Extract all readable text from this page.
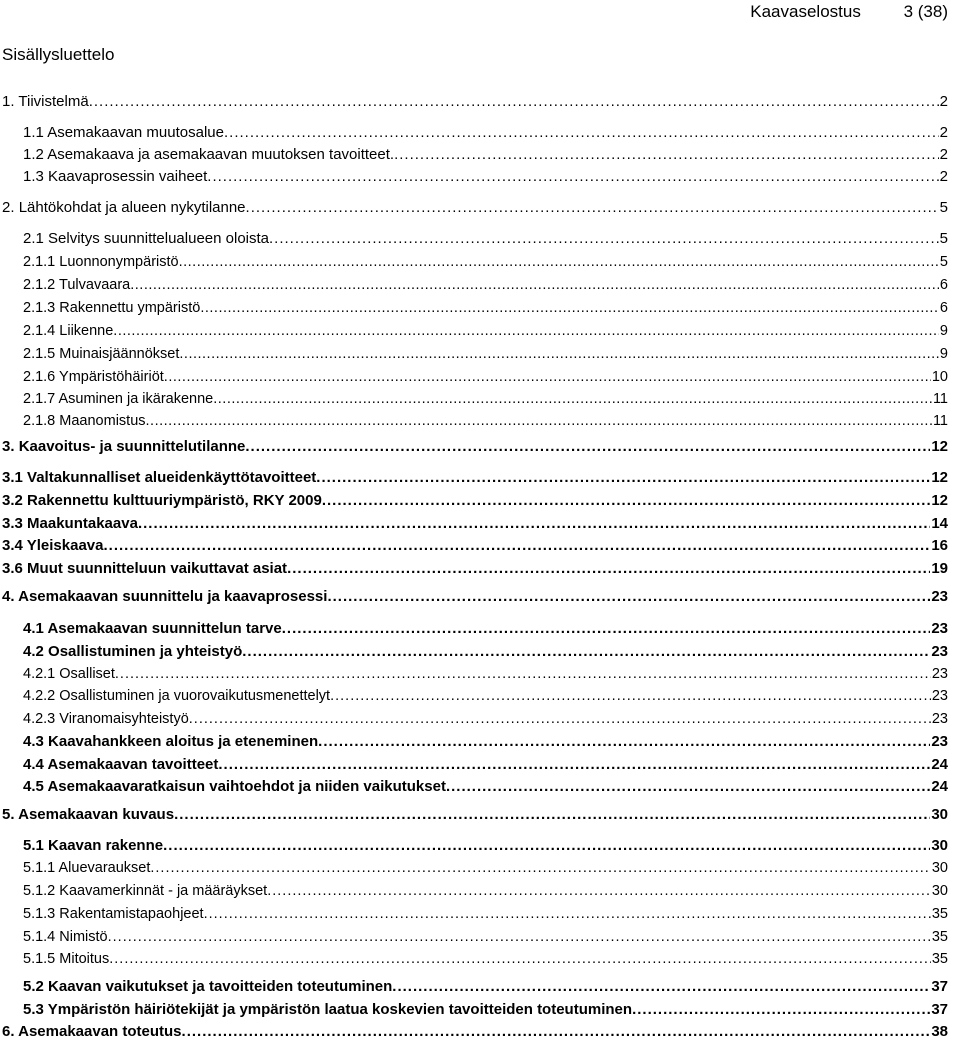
Kaavaselostus	3 (38)
Sisällysluettelo
1. Tiivistelmä .....	2
1.1 Asemakaavan muutosalue .....	2
1.2 Asemakaava ja asemakaavan muutoksen tavoitteet. .....	2
1.3 Kaavaprosessin vaiheet .....	2
2. Lähtökohdat ja alueen nykytilanne .....	5
2.1 Selvitys suunnittelualueen oloista .....	5
2.1.1 Luonnonympäristö .....	5
2.1.2 Tulvavaara .....	6
2.1.3 Rakennettu ympäristö .....	6
2.1.4 Liikenne .....	9
2.1.5 Muinaisjäännökset .....	9
2.1.6 Ympäristöhäiriöt .....	10
2.1.7 Asuminen ja ikärakenne .....	11
2.1.8 Maanomistus .....	11
3. Kaavoitus- ja suunnittelutilanne .....	12
3.1 Valtakunnalliset alueidenkäyttötavoitteet .....	12
3.2 Rakennettu kulttuuriympäristö, RKY 2009 .....	12
3.3 Maakuntakaava .....	14
3.4 Yleiskaava .....	16
3.6 Muut suunnitteluun vaikuttavat asiat .....	19
4. Asemakaavan suunnittelu ja kaavaprosessi .....	23
4.1 Asemakaavan suunnittelun tarve .....	23
4.2 Osallistuminen ja yhteistyö .....	23
4.2.1 Osalliset .....	23
4.2.2 Osallistuminen ja vuorovaikutusmenettelyt .....	23
4.2.3 Viranomaisyhteistyö .....	23
4.3 Kaavahankkeen aloitus ja eteneminen .....	23
4.4 Asemakaavan tavoitteet .....	24
4.5 Asemakaavaratkaisun vaihtoehdot ja niiden vaikutukset .....	24
5. Asemakaavan kuvaus .....	30
5.1 Kaavan rakenne .....	30
5.1.1 Aluevaraukset .....	30
5.1.2 Kaavamerkinnät - ja määräykset .....	30
5.1.3 Rakentamistapaohjeet .....	35
5.1.4 Nimistö .....	35
5.1.5 Mitoitus .....	35
5.2 Kaavan vaikutukset ja tavoitteiden toteutuminen .....	37
5.3 Ympäristön häiriötekijät ja ympäristön laatua koskevien tavoitteiden toteutuminen .....	37
6. Asemakaavan toteutus .....	38
